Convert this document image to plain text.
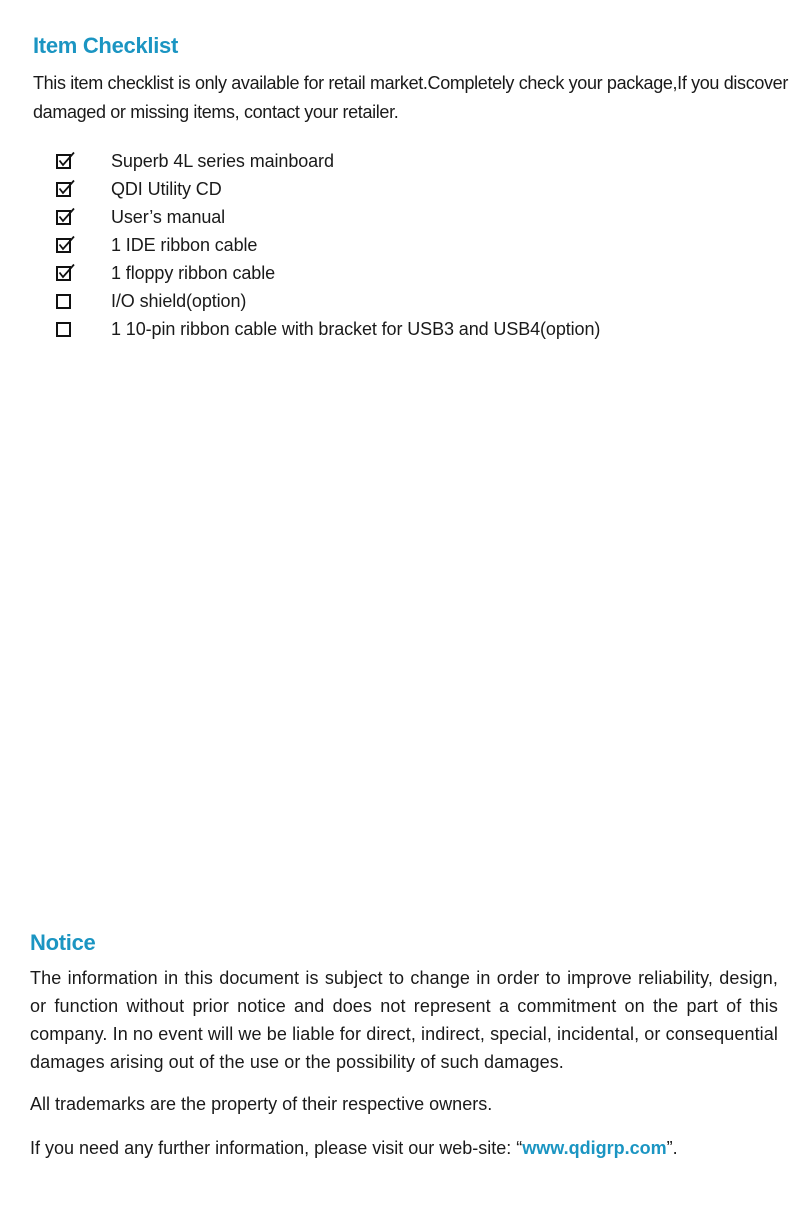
Item Checklist

This item checklist is only available for retail market.Completely check your package,If you discover damaged or missing items, contact your retailer.

Superb 4L series mainboard
QDI Utility CD
User’s manual
1 IDE ribbon cable
1 floppy ribbon cable
I/O shield(option)
1 10-pin ribbon cable with bracket for USB3 and USB4(option)
Notice

The information in this document is subject to change in order to improve reliability, design, or function without prior notice and does not represent a commitment on the part of this company. In no event will we be liable for direct, indirect, special, incidental, or consequential damages arising out of the use or the possibility of such damages.

All trademarks are the property of their respective owners.

If you need any further information, please visit our web-site: “www.qdigrp.com”.
